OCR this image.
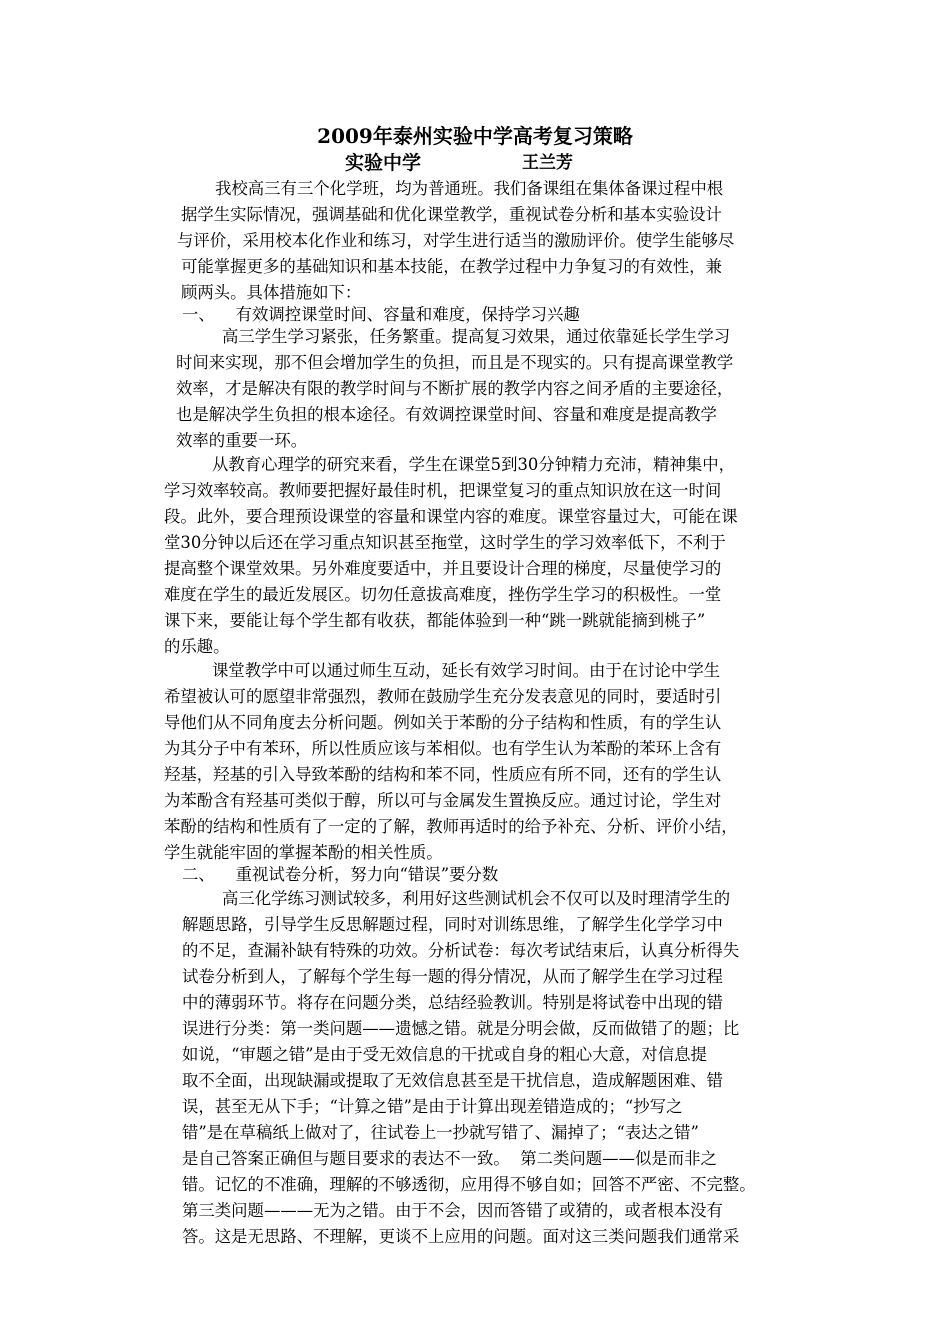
2009年泰州实验中学高考复习策略
实验中学	王兰芳
我校高三有三个化学班，均为普通班。我们备课组在集体备课过程中根
据学生实际情况，强调基础和优化课堂教学，重视试卷分析和基本实验设计
与评价，采用校本化作业和练习，对学生进行适当的激励评价。使学生能够尽
可能掌握更多的基础知识和基本技能，在教学过程中力争复习的有效性，兼
顾两头。具体措施如下：
一、    有效调控课堂时间、容量和难度，保持学习兴趣
高三学生学习紧张，任务繁重。提高复习效果，通过依靠延长学生学习
时间来实现，那不但会增加学生的负担，而且是不现实的。只有提高课堂教学
效率，才是解决有限的教学时间与不断扩展的教学内容之间矛盾的主要途径，
也是解决学生负担的根本途径。有效调控课堂时间、容量和难度是提高教学
效率的重要一环。
从教育心理学的研究来看，学生在课堂5到30分钟精力充沛，精神集中，
学习效率较高。教师要把握好最佳时机，把课堂复习的重点知识放在这一时间
段。此外，要合理预设课堂的容量和课堂内容的难度。课堂容量过大，可能在课
堂30分钟以后还在学习重点知识甚至拖堂，这时学生的学习效率低下，不利于
提高整个课堂效果。另外难度要适中，并且要设计合理的梯度，尽量使学习的
难度在学生的最近发展区。切勿任意拔高难度，挫伤学生学习的积极性。一堂
课下来，要能让每个学生都有收获，都能体验到一种“跳一跳就能摘到桃子”
的乐趣。
课堂教学中可以通过师生互动，延长有效学习时间。由于在讨论中学生
希望被认可的愿望非常强烈，教师在鼓励学生充分发表意见的同时，要适时引
导他们从不同角度去分析问题。例如关于苯酚的分子结构和性质，有的学生认
为其分子中有苯环，所以性质应该与苯相似。也有学生认为苯酚的苯环上含有
羟基，羟基的引入导致苯酚的结构和苯不同，性质应有所不同，还有的学生认
为苯酚含有羟基可类似于醇，所以可与金属发生置换反应。通过讨论，学生对
苯酚的结构和性质有了一定的了解，教师再适时的给予补充、分析、评价小结，
学生就能牢固的掌握苯酚的相关性质。
二、    重视试卷分析，努力向“错误”要分数
高三化学练习测试较多，利用好这些测试机会不仅可以及时理清学生的
解题思路，引导学生反思解题过程，同时对训练思维，了解学生化学学习中
的不足，查漏补缺有特殊的功效。分析试卷：每次考试结束后，认真分析得失
试卷分析到人，了解每个学生每一题的得分情况，从而了解学生在学习过程
中的薄弱环节。将存在问题分类，总结经验教训。特别是将试卷中出现的错
误进行分类：第一类问题——遗憾之错。就是分明会做，反而做错了的题；比
如说，“审题之错”是由于受无效信息的干扰或自身的粗心大意，对信息提
取不全面，出现缺漏或提取了无效信息甚至是干扰信息，造成解题困难、错
误，甚至无从下手；“计算之错”是由于计算出现差错造成的；“抄写之
错”是在草稿纸上做对了，往试卷上一抄就写错了、漏掉了；“表达之错”
是自己答案正确但与题目要求的表达不一致。  第二类问题——似是而非之
错。记忆的不准确，理解的不够透彻，应用得不够自如；回答不严密、不完整。
第三类问题———无为之错。由于不会，因而答错了或猜的，或者根本没有
答。这是无思路、不理解，更谈不上应用的问题。面对这三类问题我们通常采
